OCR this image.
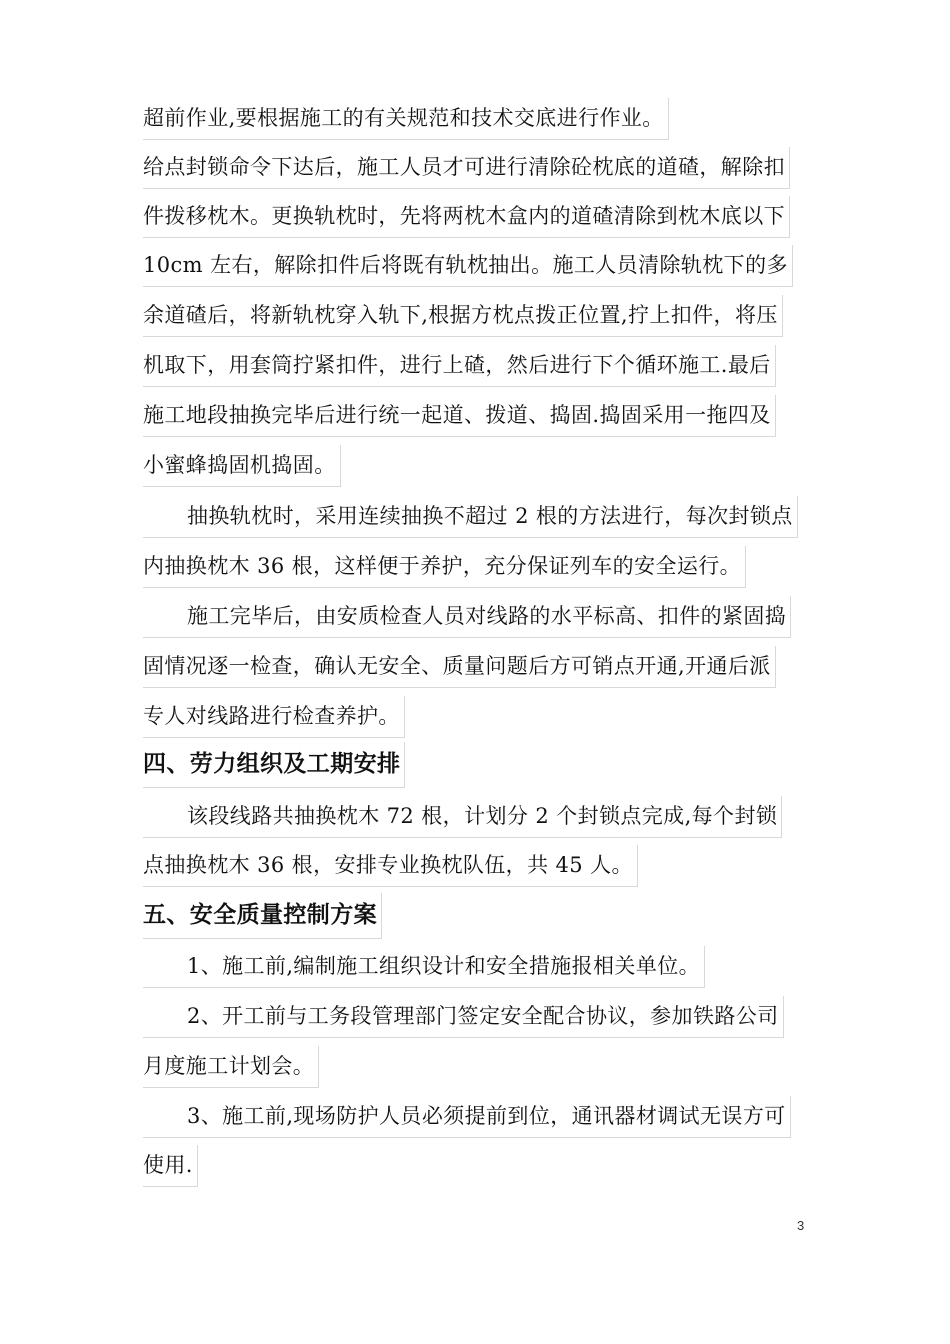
超前作业,要根据施工的有关规范和技术交底进行作业。
给点封锁命令下达后，施工人员才可进行清除砼枕底的道碴，解除扣
件拨移枕木。更换轨枕时，先将两枕木盒内的道碴清除到枕木底以下
10cm 左右，解除扣件后将既有轨枕抽出。施工人员清除轨枕下的多
余道碴后，将新轨枕穿入轨下,根据方枕点拨正位置,拧上扣件，将压
机取下，用套筒拧紧扣件，进行上碴，然后进行下个循环施工.最后
施工地段抽换完毕后进行统一起道、拨道、捣固.捣固采用一拖四及
小蜜蜂捣固机捣固。
抽换轨枕时，采用连续抽换不超过 2 根的方法进行，每次封锁点
内抽换枕木 36 根，这样便于养护，充分保证列车的安全运行。
施工完毕后，由安质检查人员对线路的水平标高、扣件的紧固捣
固情况逐一检查，确认无安全、质量问题后方可销点开通,开通后派
专人对线路进行检查养护。
四、劳力组织及工期安排
该段线路共抽换枕木 72 根，计划分 2 个封锁点完成,每个封锁
点抽换枕木 36 根，安排专业换枕队伍，共 45 人。
五、安全质量控制方案
1、施工前,编制施工组织设计和安全措施报相关单位。
2、开工前与工务段管理部门签定安全配合协议，参加铁路公司
月度施工计划会。
3、施工前,现场防护人员必须提前到位，通讯器材调试无误方可
使用.
3
